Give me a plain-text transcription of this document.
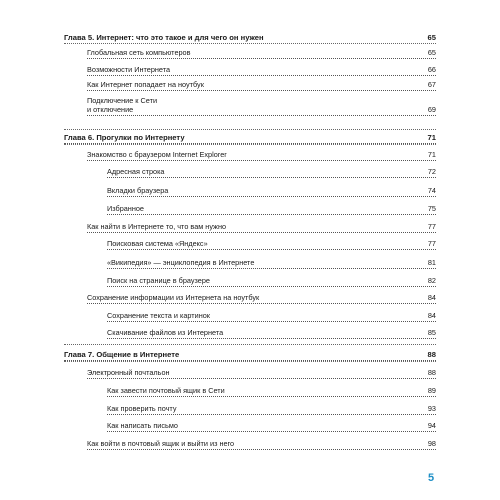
Глава 5. Интернет: что это такое и для чего он нужен	65
Глобальная сеть компьютеров	65
Возможности Интернета	66
Как Интернет попадает на ноутбук	67
Подключение к Сети
и отключение	69
Глава 6. Прогулки по Интернету	71
Знакомство с браузером Internet Explorer	71
Адресная строка	72
Вкладки браузера	74
Избранное	75
Как найти в Интернете то, что вам нужно	77
Поисковая система «Яндекс»	77
«Википедия» — энциклопедия в Интернете	81
Поиск на странице в браузере	82
Сохранение информации из Интернета на ноутбук	84
Сохранение текста и картинок	84
Скачивание файлов из Интернета	85
Глава 7. Общение в Интернете	88
Электронный почтальон	88
Как завести почтовый ящик в Сети	89
Как проверить почту	93
Как написать письмо	94
Как войти в почтовый ящик и выйти из него	98
5
